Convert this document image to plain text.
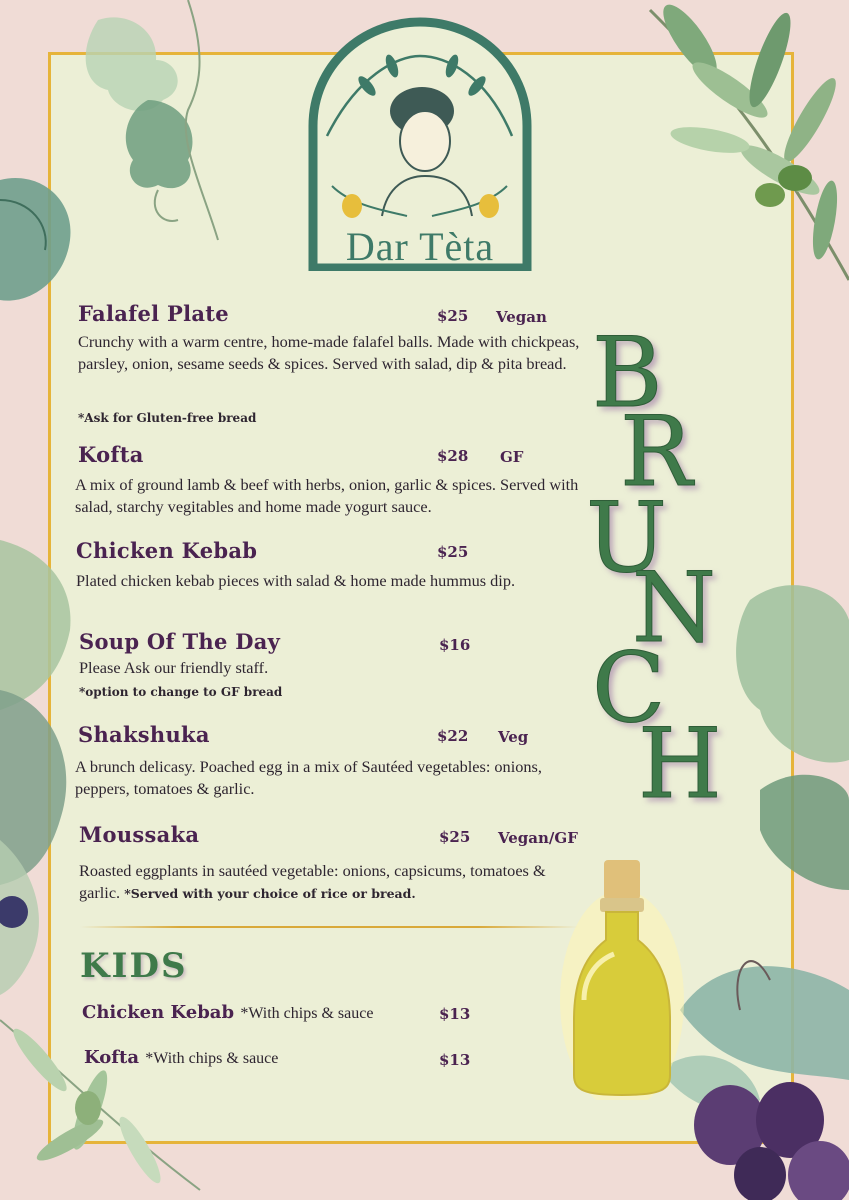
Dar Tèta
B
R
U
N
C
H
Falafel Plate	$25 Vegan
Crunchy with a warm centre, home-made falafel balls. Made with chickpeas, parsley, onion, sesame seeds & spices. Served with salad, dip & pita bread.
*Ask for Gluten-free bread
Kofta	$28 GF
A mix of ground lamb & beef with herbs, onion, garlic & spices. Served with salad, starchy vegitables and home made yogurt sauce.
Chicken Kebab	$25
Plated chicken kebab pieces with salad & home made hummus dip.
Soup Of The Day	$16
Please Ask our friendly staff.
*option to change to GF bread
Shakshuka	$22 Veg
A brunch delicasy. Poached egg in a mix of Sautéed vegetables: onions, peppers, tomatoes & garlic.
Moussaka	$25 Vegan/GF
Roasted eggplants in sautéed vegetable: onions, capsicums, tomatoes & garlic. *Served with your choice of rice or bread.
KIDS
Chicken Kebab *With chips & sauce	$13
Kofta *With chips & sauce	$13
